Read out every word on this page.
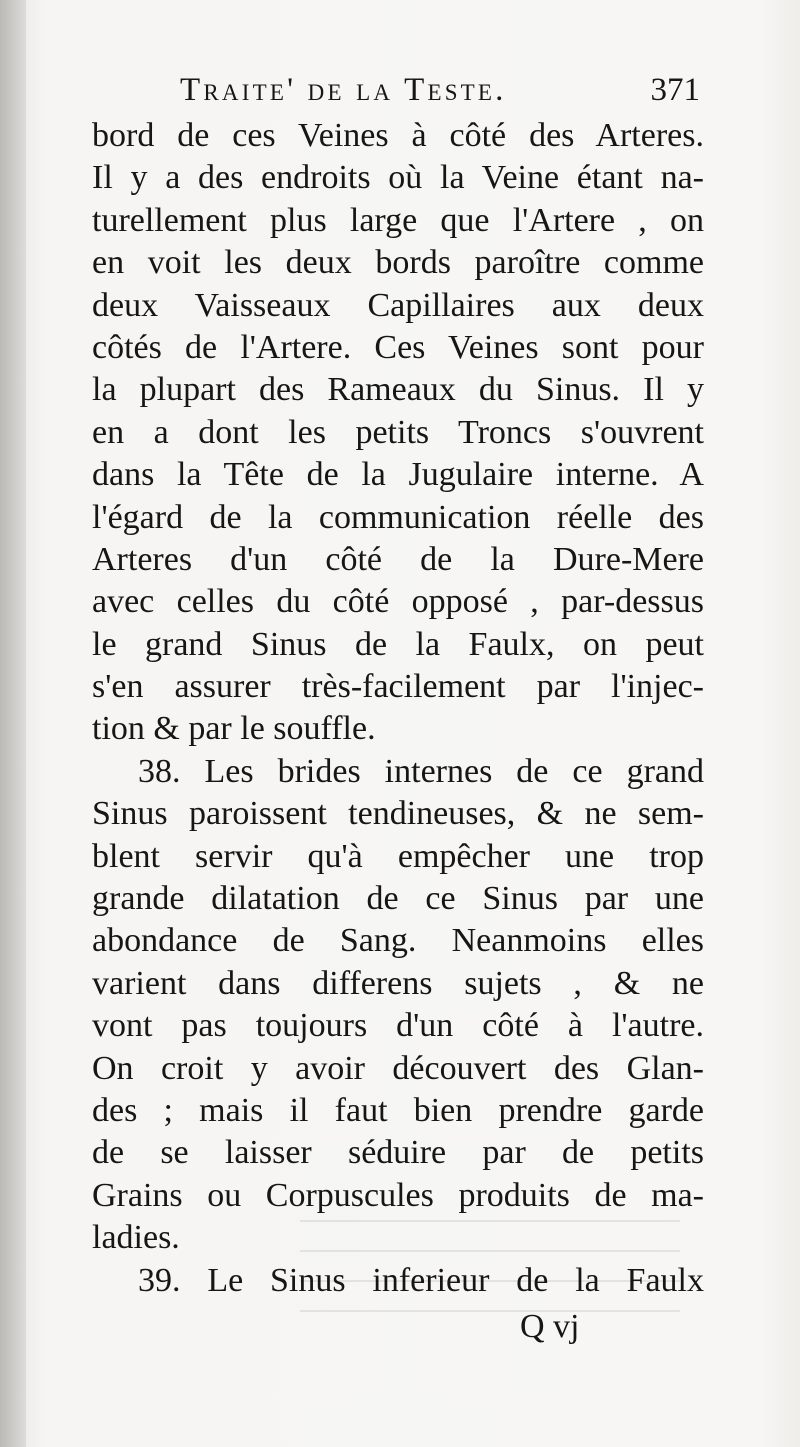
Traite' de la Teste.	371
bord de ces Veines à côté des Arteres.
Il y a des endroits où la Veine étant na-
turellement plus large que l'Artere , on
en voit les deux bords paroître comme
deux Vaisseaux Capillaires aux deux
côtés de l'Artere. Ces Veines sont pour
la plupart des Rameaux du Sinus. Il y
en a dont les petits Troncs s'ouvrent
dans la Tête de la Jugulaire interne. A
l'égard de la communication réelle des
Arteres d'un côté de la Dure-Mere
avec celles du côté opposé , par-dessus
le grand Sinus de la Faulx, on peut
s'en assurer très-facilement par l'injec-
tion & par le souffle.
38. Les brides internes de ce grand
Sinus paroissent tendineuses, & ne sem-
blent servir qu'à empêcher une trop
grande dilatation de ce Sinus par une
abondance de Sang. Neanmoins elles
varient dans differens sujets , & ne
vont pas toujours d'un côté à l'autre.
On croit y avoir découvert des Glan-
des ; mais il faut bien prendre garde
de se laisser séduire par de petits
Grains ou Corpuscules produits de ma-
ladies.
39. Le Sinus inferieur de la Faulx
Q vj
